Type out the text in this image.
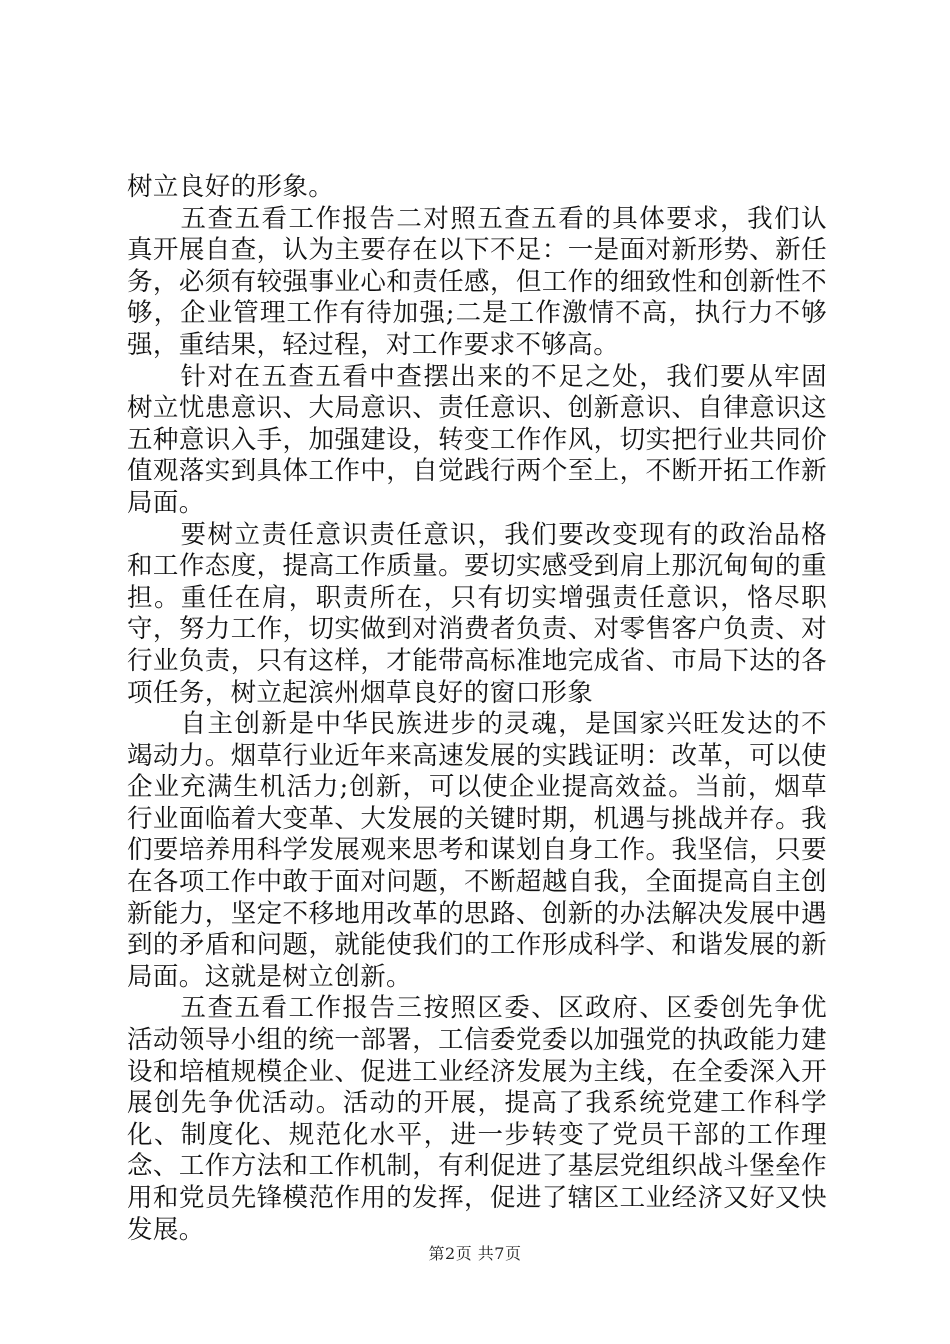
树立良好的形象。

五查五看工作报告二对照五查五看的具体要求，我们认真开展自查，认为主要存在以下不足：一是面对新形势、新任务，必须有较强事业心和责任感，但工作的细致性和创新性不够，企业管理工作有待加强;二是工作激情不高，执行力不够强，重结果，轻过程，对工作要求不够高。

针对在五查五看中查摆出来的不足之处，我们要从牢固树立忧患意识、大局意识、责任意识、创新意识、自律意识这五种意识入手，加强建设，转变工作作风，切实把行业共同价值观落实到具体工作中，自觉践行两个至上，不断开拓工作新局面。

要树立责任意识责任意识，我们要改变现有的政治品格和工作态度，提高工作质量。要切实感受到肩上那沉甸甸的重担。重任在肩，职责所在，只有切实增强责任意识，恪尽职守，努力工作，切实做到对消费者负责、对零售客户负责、对行业负责，只有这样，才能带高标准地完成省、市局下达的各项任务，树立起滨州烟草良好的窗口形象

自主创新是中华民族进步的灵魂，是国家兴旺发达的不竭动力。烟草行业近年来高速发展的实践证明：改革，可以使企业充满生机活力;创新，可以使企业提高效益。当前，烟草行业面临着大变革、大发展的关键时期，机遇与挑战并存。我们要培养用科学发展观来思考和谋划自身工作。我坚信，只要在各项工作中敢于面对问题，不断超越自我，全面提高自主创新能力，坚定不移地用改革的思路、创新的办法解决发展中遇到的矛盾和问题，就能使我们的工作形成科学、和谐发展的新局面。这就是树立创新。

五查五看工作报告三按照区委、区政府、区委创先争优活动领导小组的统一部署，工信委党委以加强党的执政能力建设和培植规模企业、促进工业经济发展为主线，在全委深入开展创先争优活动。活动的开展，提高了我系统党建工作科学化、制度化、规范化水平，进一步转变了党员干部的工作理念、工作方法和工作机制，有利促进了基层党组织战斗堡垒作用和党员先锋模范作用的发挥，促进了辖区工业经济又好又快发展。

第2页 共7页
